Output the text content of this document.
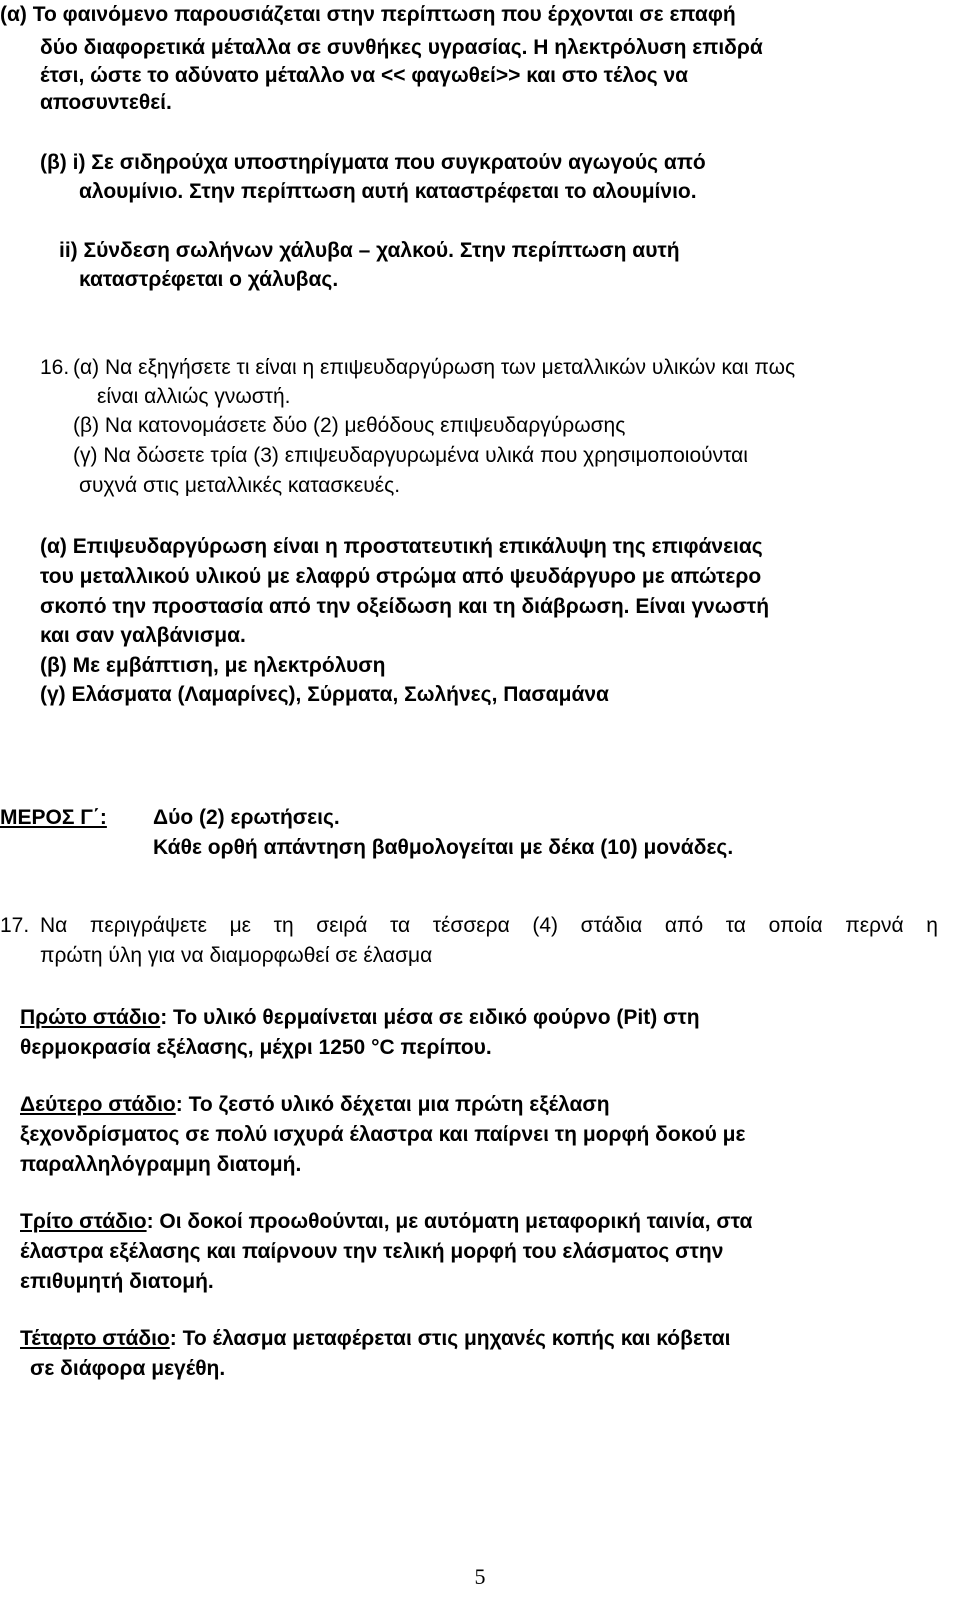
(α) Το φαινόμενο παρουσιάζεται στην περίπτωση που έρχονται σε επαφή

δύο διαφορετικά μέταλλα σε συνθήκες υγρασίας. Η ηλεκτρόλυση επιδρά

έτσι, ώστε το αδύνατο μέταλλο να << φαγωθεί>> και στο τέλος να

αποσυντεθεί.

(β) i) Σε σιδηρούχα υποστηρίγματα που συγκρατούν αγωγούς από

αλουμίνιο. Στην περίπτωση αυτή καταστρέφεται το αλουμίνιο.

ii) Σύνδεση σωλήνων χάλυβα – χαλκού. Στην περίπτωση αυτή

καταστρέφεται ο χάλυβας.

16. (α) Να εξηγήσετε τι είναι η επιψευδαργύρωση των μεταλλικών υλικών και πως

είναι αλλιώς γνωστή.

(β) Να κατονομάσετε δύο (2) μεθόδους επιψευδαργύρωσης

(γ) Να δώσετε τρία (3) επιψευδαργυρωμένα υλικά που χρησιμοποιούνται

συχνά στις μεταλλικές κατασκευές.

(α) Επιψευδαργύρωση είναι η προστατευτική επικάλυψη της επιφάνειας

του μεταλλικού υλικού με ελαφρύ στρώμα από ψευδάργυρο με απώτερο

σκοπό την προστασία από την οξείδωση και τη διάβρωση. Είναι γνωστή

και σαν γαλβάνισμα.

(β) Με εμβάπτιση, με ηλεκτρόλυση

(γ) Ελάσματα (Λαμαρίνες), Σύρματα, Σωλήνες, Πασαμάνα

ΜΕΡΟΣ Γ΄: Δύο (2) ερωτήσεις.

Κάθε ορθή απάντηση βαθμολογείται με δέκα (10) μονάδες.

17. Να περιγράψετε με τη σειρά τα τέσσερα (4) στάδια από τα οποία περνά η

πρώτη ύλη για να διαμορφωθεί σε έλασμα

Πρώτο στάδιο: Το υλικό θερμαίνεται μέσα σε ειδικό φούρνο (Pit) στη

θερμοκρασία εξέλασης, μέχρι 1250 °C περίπου.

Δεύτερο στάδιο: Το ζεστό υλικό δέχεται μια πρώτη εξέλαση

ξεχονδρίσματος σε πολύ ισχυρά έλαστρα και παίρνει τη μορφή δοκού με

παραλληλόγραμμη διατομή.

Τρίτο στάδιο: Οι δοκοί προωθούνται, με αυτόματη μεταφορική ταινία, στα

έλαστρα εξέλασης και παίρνουν την τελική μορφή του ελάσματος στην

επιθυμητή διατομή.

Τέταρτο στάδιο: Το έλασμα μεταφέρεται στις μηχανές κοπής και κόβεται

σε διάφορα μεγέθη.

5
